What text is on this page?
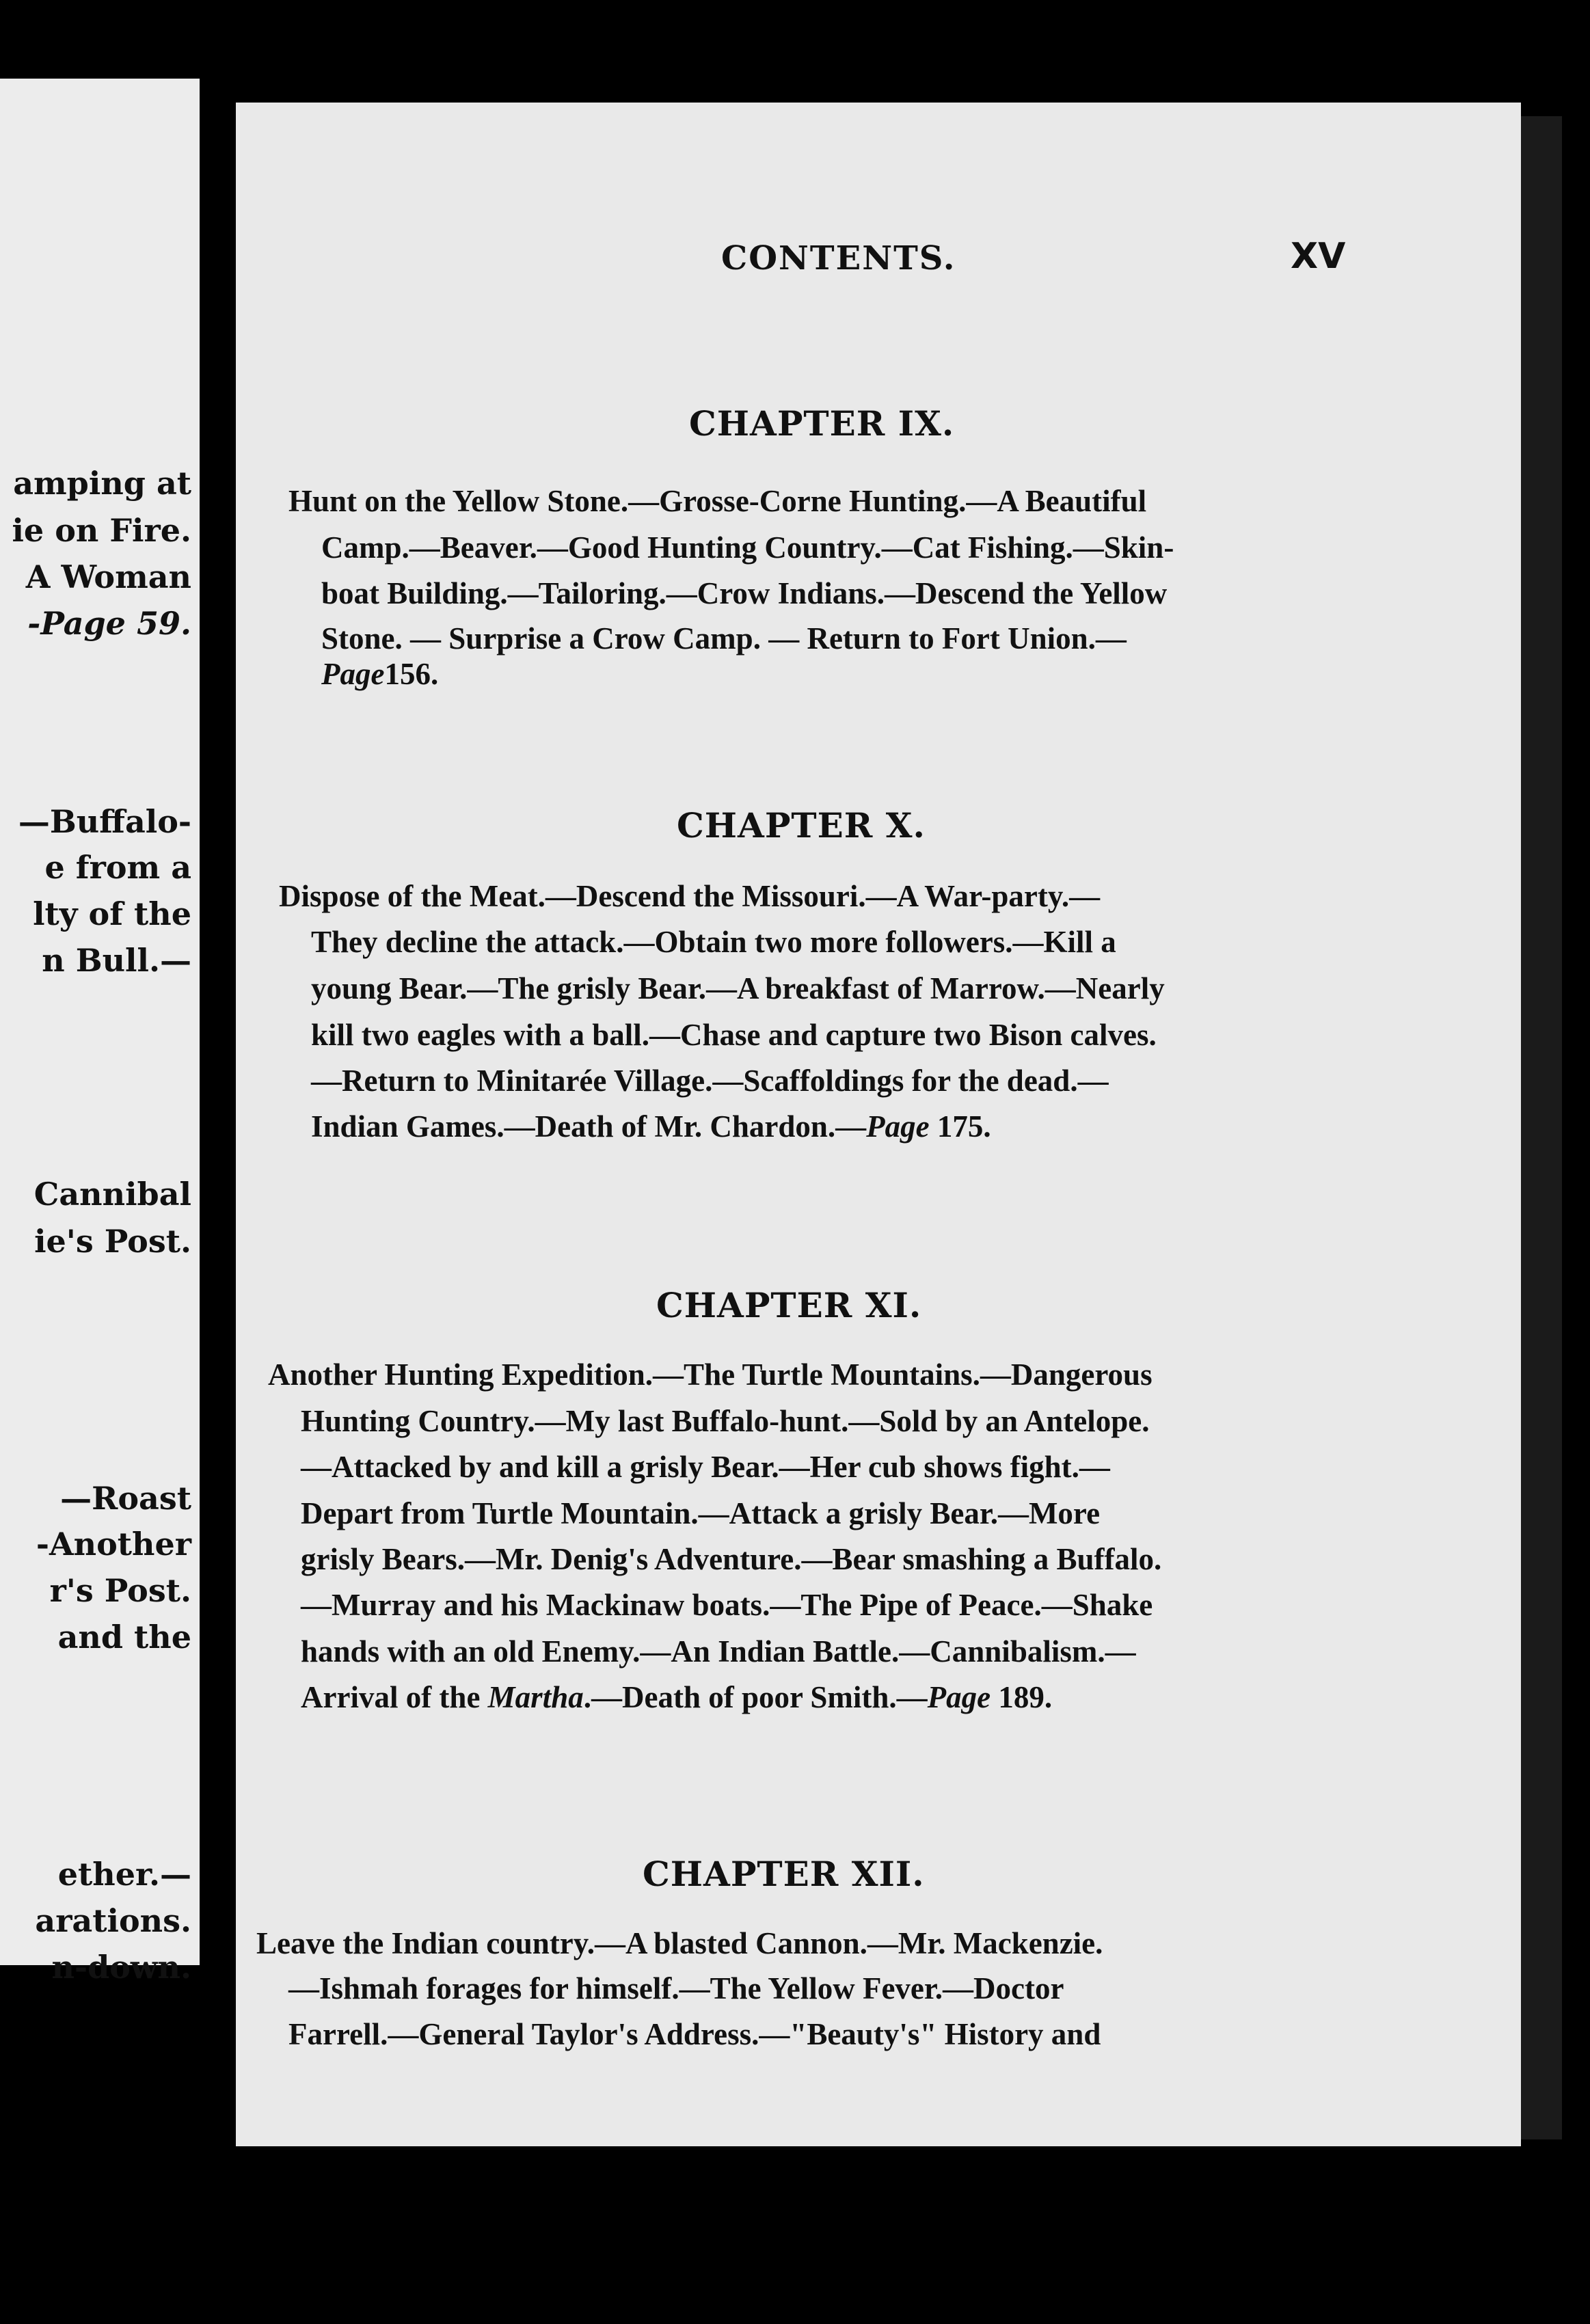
amping at
ie on Fire.
A Woman
-Page 59.
—Buffalo-
e from a
lty of the
n Bull.—
Cannibal
ie's Post.
—Roast
-Another
r's Post.
and the
ether.—
arations.
n-down.
CONTENTS.	XV
CHAPTER IX.
Hunt on the Yellow Stone.—Grosse-Corne Hunting.—A Beautiful
Camp.—Beaver.—Good Hunting Country.—Cat Fishing.—Skin-
boat Building.—Tailoring.—Crow Indians.—Descend the Yellow
Stone. — Surprise a Crow Camp. — Return to Fort Union.—
Page156.
CHAPTER X.
Dispose of the Meat.—Descend the Missouri.—A War-party.—
They decline the attack.—Obtain two more followers.—Kill a
young Bear.—The grisly Bear.—A breakfast of Marrow.—Nearly
kill two eagles with a ball.—Chase and capture two Bison calves.
—Return to Minitarée Village.—Scaffoldings for the dead.—
Indian Games.—Death of Mr. Chardon.—Page 175.
CHAPTER XI.
Another Hunting Expedition.—The Turtle Mountains.—Dangerous
Hunting Country.—My last Buffalo-hunt.—Sold by an Antelope.
—Attacked by and kill a grisly Bear.—Her cub shows fight.—
Depart from Turtle Mountain.—Attack a grisly Bear.—More
grisly Bears.—Mr. Denig's Adventure.—Bear smashing a Buffalo.
—Murray and his Mackinaw boats.—The Pipe of Peace.—Shake
hands with an old Enemy.—An Indian Battle.—Cannibalism.—
Arrival of the Martha.—Death of poor Smith.—Page 189.
CHAPTER XII.
Leave the Indian country.—A blasted Cannon.—Mr. Mackenzie.
—Ishmah forages for himself.—The Yellow Fever.—Doctor
Farrell.—General Taylor's Address.—"Beauty's" History and
